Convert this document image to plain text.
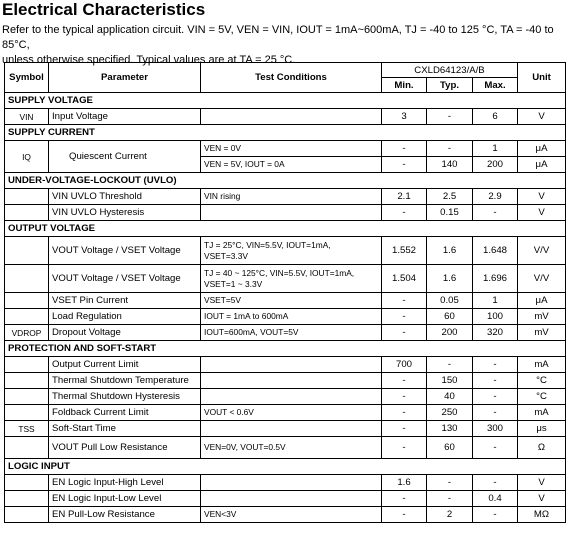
Electrical Characteristics
Refer to the typical application circuit. VIN = 5V, VEN = VIN, IOUT = 1mA~600mA, TJ = -40 to 125 °C, TA = -40 to 85°C,
unless otherwise specified. Typical values are at TA = 25 °C.
Symbol	Parameter	Test Conditions	CXLD64123/A/B			Unit
			Min.	Typ.	Max.	
SUPPLY VOLTAGE						
VIN	Input Voltage		3	-	6	V
SUPPLY CURRENT						
IQ	Quiescent Current	VEN = 0V	-	-	1	μA
		VEN = 5V, IOUT = 0A	-	140	200	μA
UNDER-VOLTAGE-LOCKOUT (UVLO)						
	VIN UVLO Threshold	VIN rising	2.1	2.5	2.9	V
	VIN UVLO Hysteresis		-	0.15	-	V
OUTPUT VOLTAGE						
	VOUT Voltage / VSET Voltage	TJ = 25°C, VIN=5.5V, IOUT=1mA,
VSET=3.3V	1.552	1.6	1.648	V/V
	VOUT Voltage / VSET Voltage	TJ = 40 ~ 125°C, VIN=5.5V, IOUT=1mA,
VSET=1 ~ 3.3V	1.504	1.6	1.696	V/V
	VSET Pin Current	VSET=5V	-	0.05	1	μA
	Load Regulation	IOUT = 1mA to 600mA	-	60	100	mV
VDROP	Dropout Voltage	IOUT=600mA, VOUT=5V	-	200	320	mV
PROTECTION AND SOFT-START						
	Output Current Limit		700	-	-	mA
	Thermal Shutdown Temperature		-	150	-	°C
	Thermal Shutdown Hysteresis		-	40	-	°C
	Foldback Current Limit	VOUT < 0.6V	-	250	-	mA
TSS	Soft-Start Time		-	130	300	μs
	VOUT Pull Low Resistance	VEN=0V, VOUT=0.5V	-	60	-	Ω
LOGIC INPUT						
	EN Logic Input-High Level		1.6	-	-	V
	EN Logic Input-Low Level		-	-	0.4	V
	EN Pull-Low Resistance	VEN<3V	-	2	-	MΩ
